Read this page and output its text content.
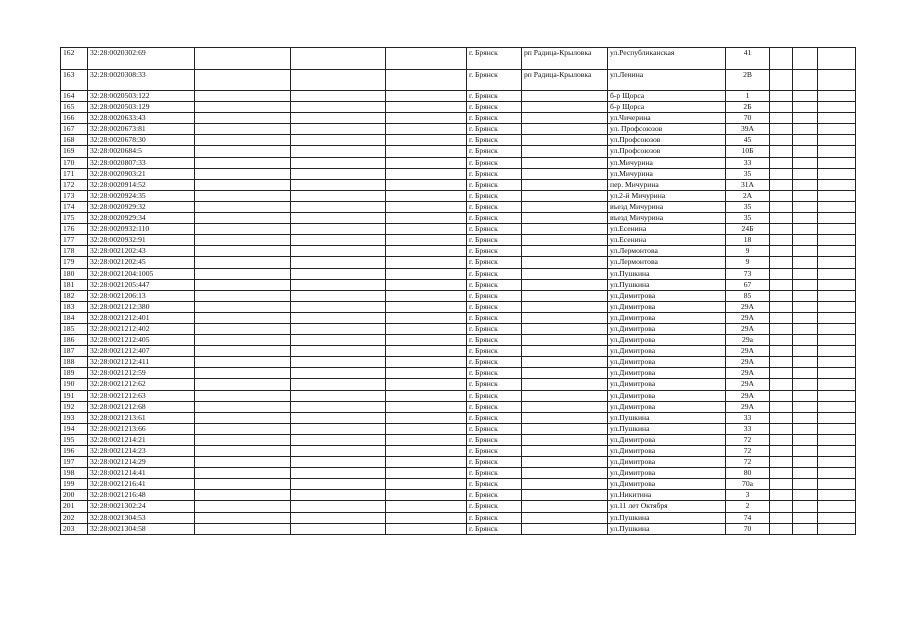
162	32:28:0020302:69				г. Брянск	рп Радица-Крыловка	ул.Республиканская	41			
163	32:28:0020308:33				г. Брянск	рп Радица-Крыловка	ул.Ленина	2В			
164	32:28:0020503:122				г. Брянск		б-р Щорса	1			
165	32:28:0020503:129				г. Брянск		б-р Щорса	2Б			
166	32:28:0020633:43				г. Брянск		ул.Чичерина	70			
167	32:28:0020673:81				г. Брянск		ул. Профсоюзов	39А			
168	32:28:0020678:30				г. Брянск		ул.Профсоюзов	45			
169	32:28:0020684:5				г. Брянск		ул.Профсоюзов	10Б			
170	32:28:0020807:33				г. Брянск		ул.Мичурина	33			
171	32:28:0020903:21				г. Брянск		ул.Мичурина	35			
172	32:28:0020914:52				г. Брянск		пер. Мичурина	31А			
173	32:28:0020924:35				г. Брянск		ул.2-й Мичурина	2А			
174	32:28:0020929:32				г. Брянск		въезд Мичурина	35			
175	32:28:0020929:34				г. Брянск		въезд Мичурина	35			
176	32:28:0020932:110				г. Брянск		ул.Есенина	24Б			
177	32:28:0020932:91				г. Брянск		ул.Есенина	18			
178	32:28:0021202:43				г. Брянск		ул.Лермонтова	9			
179	32:28:0021202:45				г. Брянск		ул.Лермонтова	9			
180	32:28:0021204:1005				г. Брянск		ул.Пушкина	73			
181	32:28:0021205:447				г. Брянск		ул.Пушкина	67			
182	32:28:0021206:13				г. Брянск		ул.Димитрова	85			
183	32:28:0021212:380				г. Брянск		ул.Димитрова	29А			
184	32:28:0021212:401				г. Брянск		ул.Димитрова	29А			
185	32:28:0021212:402				г. Брянск		ул.Димитрова	29А			
186	32:28:0021212:405				г. Брянск		ул.Димитрова	29а			
187	32:28:0021212:407				г. Брянск		ул.Димитрова	29А			
188	32:28:0021212:411				г. Брянск		ул.Димитрова	29А			
189	32:28:0021212:59				г. Брянск		ул.Димитрова	29А			
190	32:28:0021212:62				г. Брянск		ул.Димитрова	29А			
191	32:28:0021212:63				г. Брянск		ул.Димитрова	29А			
192	32:28:0021212:68				г. Брянск		ул.Димитрова	29А			
193	32:28:0021213:61				г. Брянск		ул.Пушкина	33			
194	32:28:0021213:66				г. Брянск		ул.Пушкина	33			
195	32:28:0021214:21				г. Брянск		ул.Димитрова	72			
196	32:28:0021214:23				г. Брянск		ул.Димитрова	72			
197	32:28:0021214:29				г. Брянск		ул.Димитрова	72			
198	32:28:0021214:41				г. Брянск		ул.Димитрова	80			
199	32:28:0021216:41				г. Брянск		ул.Димитрова	70а			
200	32:28:0021216:48				г. Брянск		ул.Никитина	3			
201	32:28:0021302:24				г. Брянск		ул.11 лет Октября	2			
202	32:28:0021304:53				г. Брянск		ул.Пушкина	74			
203	32:28:0021304:58				г. Брянск		ул.Пушкина	70			
